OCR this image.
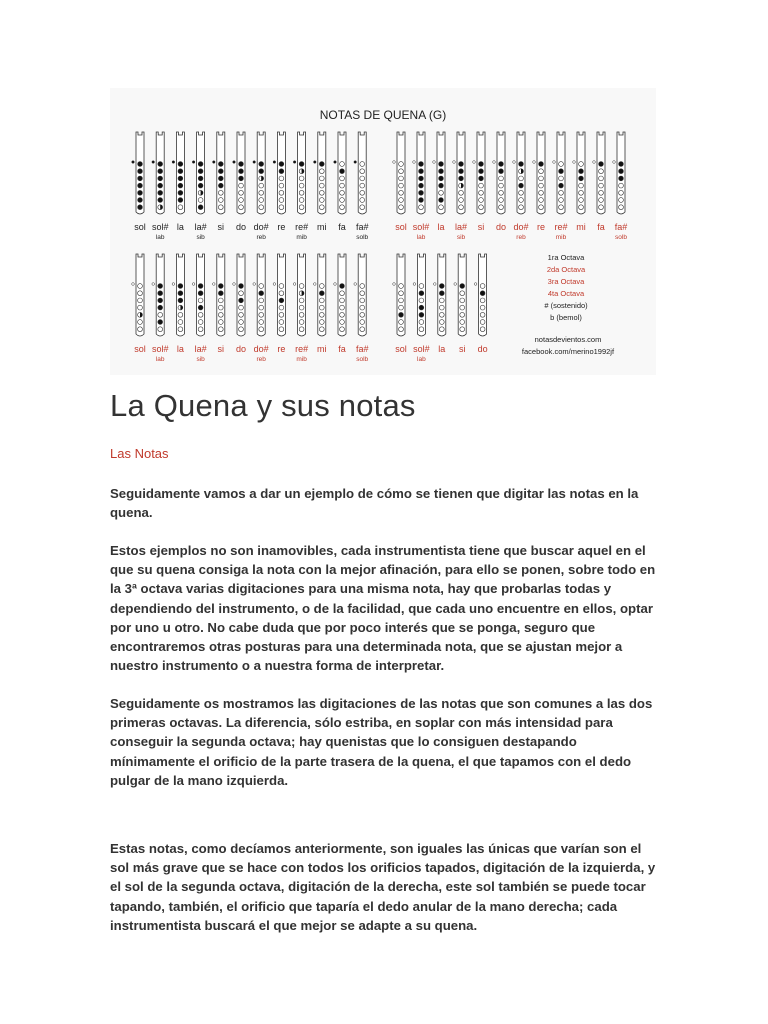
NOTAS DE QUENA (G)
1ra Octava
2da Octava
3ra Octava
4ta Octava
# (sostenido)
b (bemol)
notasdevientos.com
facebook.com/merino1992jf
sol sol#
lab
la la#
sib
si do do#
reb
re re#
mib
mi fa fa#
solb
sol sol#
lab
la la#
sib
si do do#
reb
re re#
mib
mi fa fa#
solb
sol sol#
lab
la la#
sib
si do do#
reb
re re#
mib
mi fa fa#
solb
sol sol#
lab
la si do
La Quena y sus notas
Las Notas

Seguidamente vamos a dar un ejemplo de cómo se tienen que digitar las notas en la quena.

Estos ejemplos no son inamovibles, cada instrumentista tiene que buscar aquel en el que su quena consiga la nota con la mejor afinación, para ello se ponen, sobre todo en la 3ª octava varias digitaciones para una misma nota, hay que probarlas todas y dependiendo del instrumento, o de la facilidad, que cada uno encuentre en ellos, optar por uno u otro. No cabe duda que por poco interés que se ponga, seguro que encontraremos otras posturas para una determinada nota, que se ajustan mejor a nuestro instrumento o a nuestra forma de interpretar.

Seguidamente os mostramos las digitaciones de las notas que son comunes a las dos primeras octavas. La diferencia, sólo estriba, en soplar con más intensidad para conseguir la segunda octava; hay quenistas que lo consiguen destapando mínimamente el orificio de la parte trasera de la quena, el que tapamos con el dedo pulgar de la mano izquierda.

Estas notas, como decíamos anteriormente, son iguales las únicas que varían son el sol más grave que se hace con todos los orificios tapados, digitación de la izquierda, y el sol de la segunda octava, digitación de la derecha, este sol también se puede tocar tapando, también, el orificio que taparía el dedo anular de la mano derecha; cada instrumentista buscará el que mejor se adapte a su quena.
